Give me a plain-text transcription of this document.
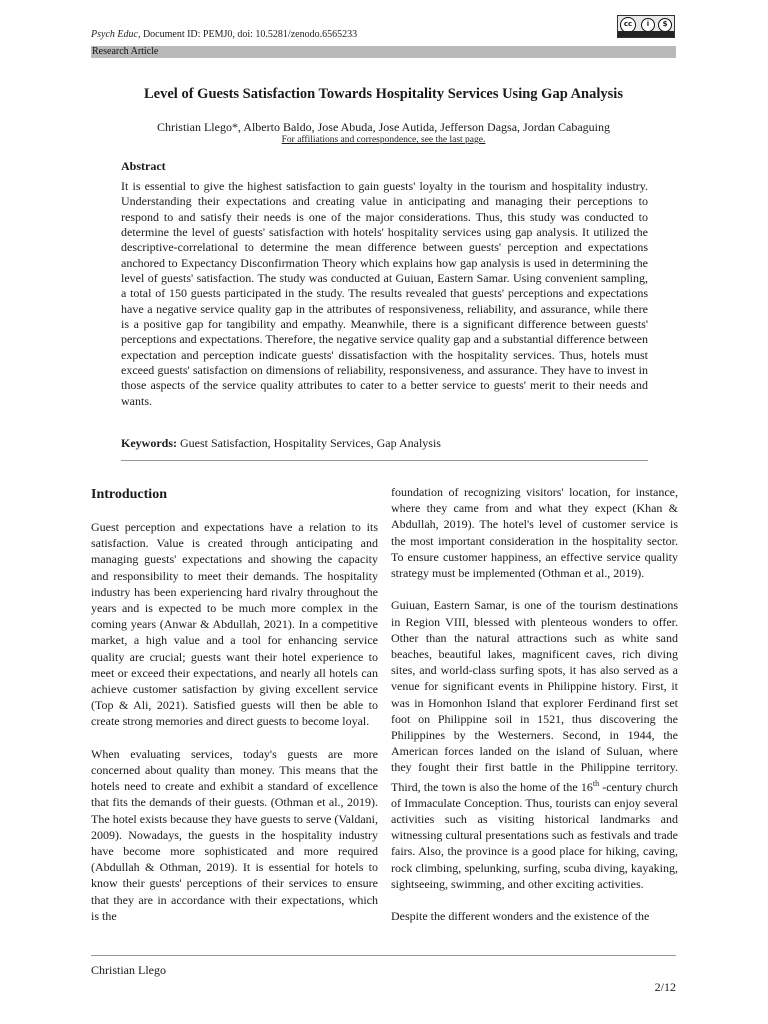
Psych Educ, Document ID: PEMJ0, doi: 10.5281/zenodo.6565233
cc	i	$
Research Article
Level of Guests Satisfaction Towards Hospitality Services Using Gap Analysis
Christian Llego*, Alberto Baldo, Jose Abuda, Jose Autida, Jefferson Dagsa, Jordan Cabaguing
For affiliations and correspondence, see the last page.
Abstract

It is essential to give the highest satisfaction to gain guests' loyalty in the tourism and hospitality industry. Understanding their expectations and creating value in anticipating and managing their perceptions to respond to and satisfy their needs is one of the major considerations. Thus, this study was conducted to determine the level of guests' satisfaction with hotels' hospitality services using gap analysis. It utilized the descriptive-correlational to determine the mean difference between guests' perception and expectations anchored to Expectancy Disconfirmation Theory which explains how gap analysis is used in determining the level of guests' satisfaction. The study was conducted at Guiuan, Eastern Samar. Using convenient sampling, a total of 150 guests participated in the study. The results revealed that guests' perceptions and expectations have a negative service quality gap in the attributes of responsiveness, reliability, and assurance, while there is a positive gap for tangibility and empathy. Meanwhile, there is a significant difference between guests' perceptions and expectations. Therefore, the negative service quality gap and a substantial difference between expectation and perception indicate guests' dissatisfaction with the hospitality services. Thus, hotels must exceed guests' satisfaction on dimensions of reliability, responsiveness, and assurance. They have to invest in those aspects of the service quality attributes to cater to a better service to guests' merit to their needs and wants.

Keywords: Guest Satisfaction, Hospitality Services, Gap Analysis
Introduction

Guest perception and expectations have a relation to its satisfaction. Value is created through anticipating and managing guests' expectations and showing the capacity and responsibility to meet their demands. The hospitality industry has been experiencing hard rivalry throughout the years and is expected to be much more complex in the coming years (Anwar & Abdullah, 2021). In a competitive market, a high value and a tool for enhancing service quality are crucial; guests want their hotel experience to meet or exceed their expectations, and nearly all hotels can achieve customer satisfaction by giving excellent service (Top & Ali, 2021). Satisfied guests will then be able to create strong memories and direct guests to become loyal.

When evaluating services, today's guests are more concerned about quality than money. This means that the hotels need to create and exhibit a standard of excellence that fits the demands of their guests. (Othman et al., 2019). The hotel exists because they have guests to serve (Valdani, 2009). Nowadays, the guests in the hospitality industry have become more sophisticated and more required (Abdullah & Othman, 2019). It is essential for hotels to know their guests' perceptions of their services to ensure that they are in accordance with their expectations, which is the

foundation of recognizing visitors' location, for instance, where they came from and what they expect (Khan & Abdullah, 2019). The hotel's level of customer service is the most important consideration in the hospitality sector. To ensure customer happiness, an effective service quality strategy must be implemented (Othman et al., 2019).

Guiuan, Eastern Samar, is one of the tourism destinations in Region VIII, blessed with plenteous wonders to offer. Other than the natural attractions such as white sand beaches, beautiful lakes, magnificent caves, rich diving sites, and world-class surfing spots, it has also served as a venue for significant events in Philippine history. First, it was in Homonhon Island that explorer Ferdinand first set foot on Philippine soil in 1521, thus discovering the Philippines by the Westerners. Second, in 1944, the American forces landed on the island of Suluan, where they fought their first battle in the Philippine territory. Third, the town is also the home of the 16th -century church of Immaculate Conception. Thus, tourists can enjoy several activities such as visiting historical landmarks and witnessing cultural presentations such as festivals and trade fairs. Also, the province is a good place for hiking, caving, rock climbing, spelunking, surfing, scuba diving, kayaking, sightseeing, swimming, and other exciting activities.

Despite the different wonders and the existence of the

Christian Llego
2/12
